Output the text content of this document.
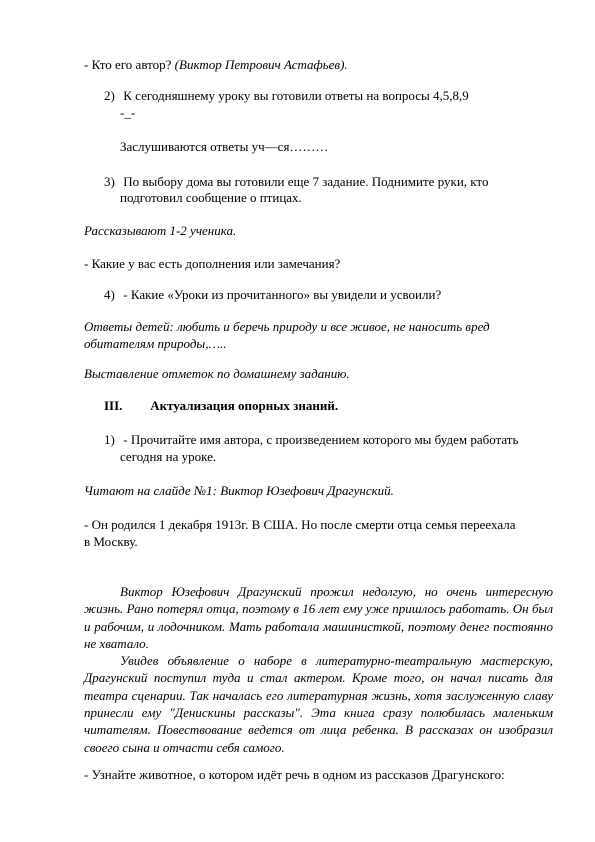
- Кто его автор? (Виктор Петрович Астафьев).
2) К сегодняшнему уроку вы готовили ответы на вопросы 4,5,8,9
-_-
Заслушиваются ответы уч—ся………
3) По выбору дома вы готовили еще 7 задание. Поднимите руки, кто
подготовил сообщение о птицах.
Рассказывают 1-2 ученика.
- Какие у вас есть дополнения или замечания?
4) - Какие «Уроки из прочитанного» вы увидели и усвоили?
Ответы детей: любить и беречь природу и все живое, не наносить вред
обитателям природы,…..
Выставление отметок по домашнему заданию.
III. Актуализация опорных знаний.
1) - Прочитайте имя автора, с произведением которого мы будем работать
сегодня на уроке.
Читают на слайде №1: Виктор Юзефович Драгунский.
- Он родился 1 декабря 1913г. В США. Но после смерти отца семья переехала
в Москву.
Виктор Юзефович Драгунский прожил недолгую, но очень интересную жизнь. Рано потерял отца, поэтому в 16 лет ему уже пришлось работать. Он был и рабочим, и лодочником. Мать работала машинисткой, поэтому денег постоянно не хватало.
Увидев объявление о наборе в литературно-театральную мастерскую, Драгунский поступил туда и стал актером. Кроме того, он начал писать для театра сценарии. Так началась его литературная жизнь, хотя заслуженную славу принесли ему "Денискины рассказы". Эта книга сразу полюбилась маленьким читателям. Повествование ведется от лица ребенка. В рассказах он изобразил своего сына и отчасти себя самого.
- Узнайте животное, о котором идёт речь в одном из рассказов Драгунского:
